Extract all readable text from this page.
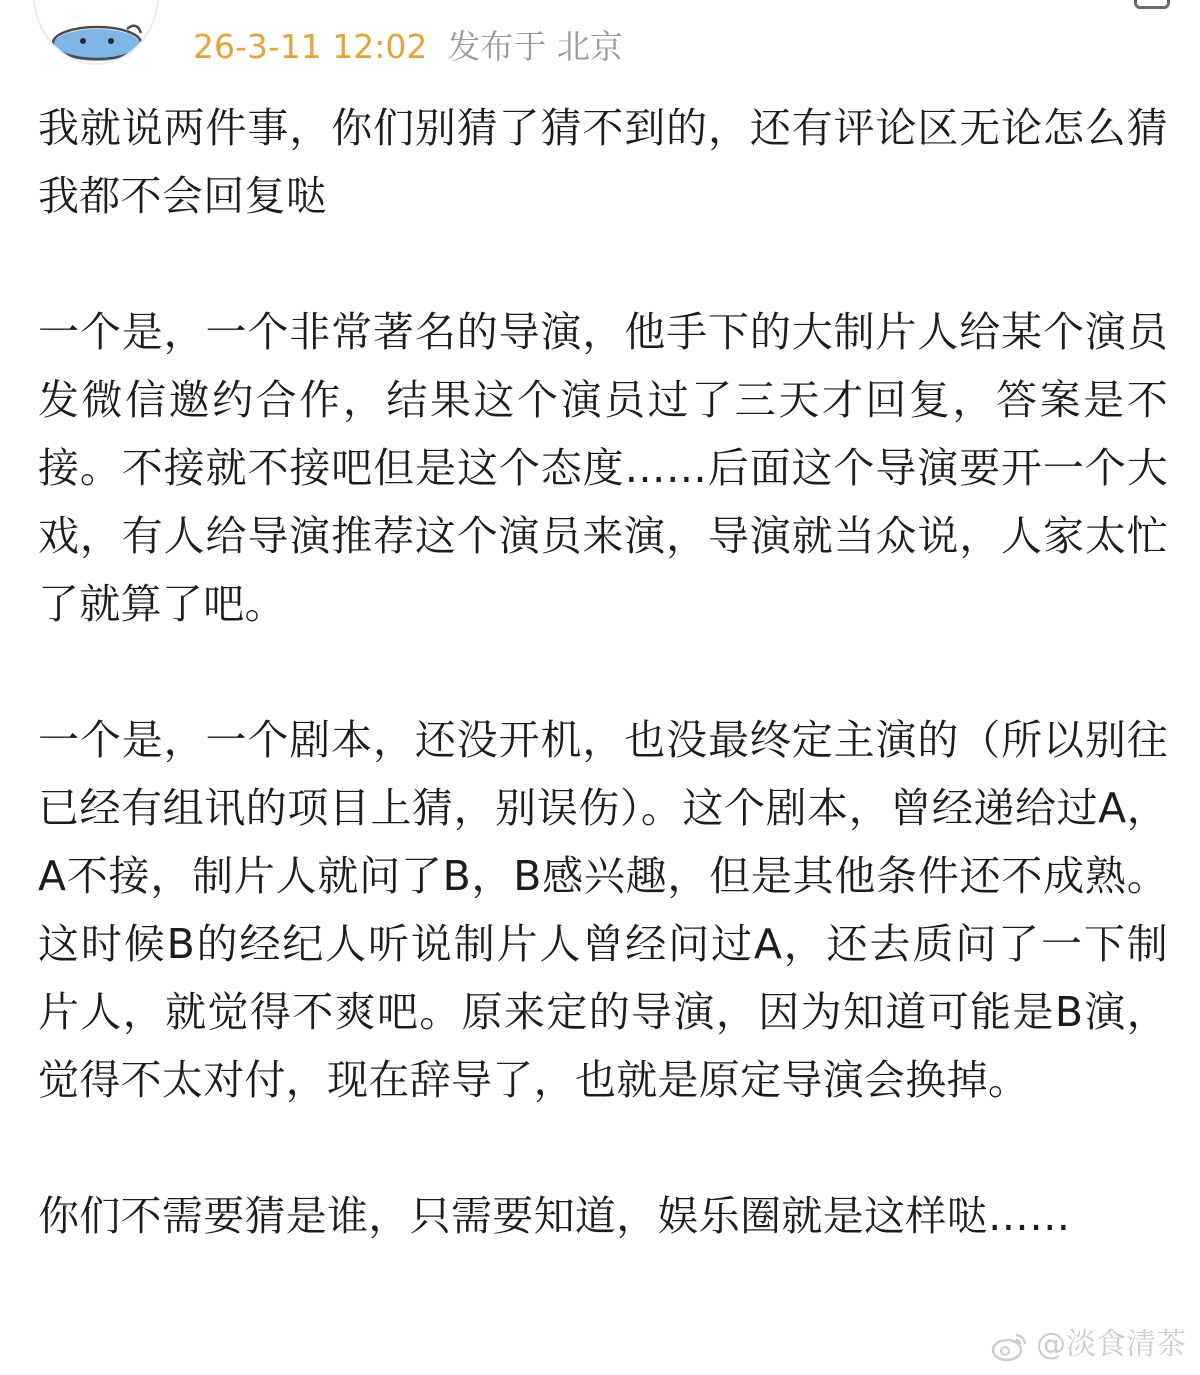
26-3-11 12:02 发布于 北京

我就说两件事，你们别猜了猜不到的，还有评论区无论怎么猜我都不会回复哒

一个是，一个非常著名的导演，他手下的大制片人给某个演员发微信邀约合作，结果这个演员过了三天才回复，答案是不接。不接就不接吧但是这个态度……后面这个导演要开一个大戏，有人给导演推荐这个演员来演，导演就当众说，人家太忙了就算了吧。

一个是，一个剧本，还没开机，也没最终定主演的（所以别往已经有组讯的项目上猜，别误伤）。这个剧本，曾经递给过A，A不接，制片人就问了B，B感兴趣，但是其他条件还不成熟。这时候B的经纪人听说制片人曾经问过A，还去质问了一下制片人，就觉得不爽吧。原来定的导演，因为知道可能是B演，觉得不太对付，现在辞导了，也就是原定导演会换掉。

你们不需要猜是谁，只需要知道，娱乐圈就是这样哒……

@淡食清茶
